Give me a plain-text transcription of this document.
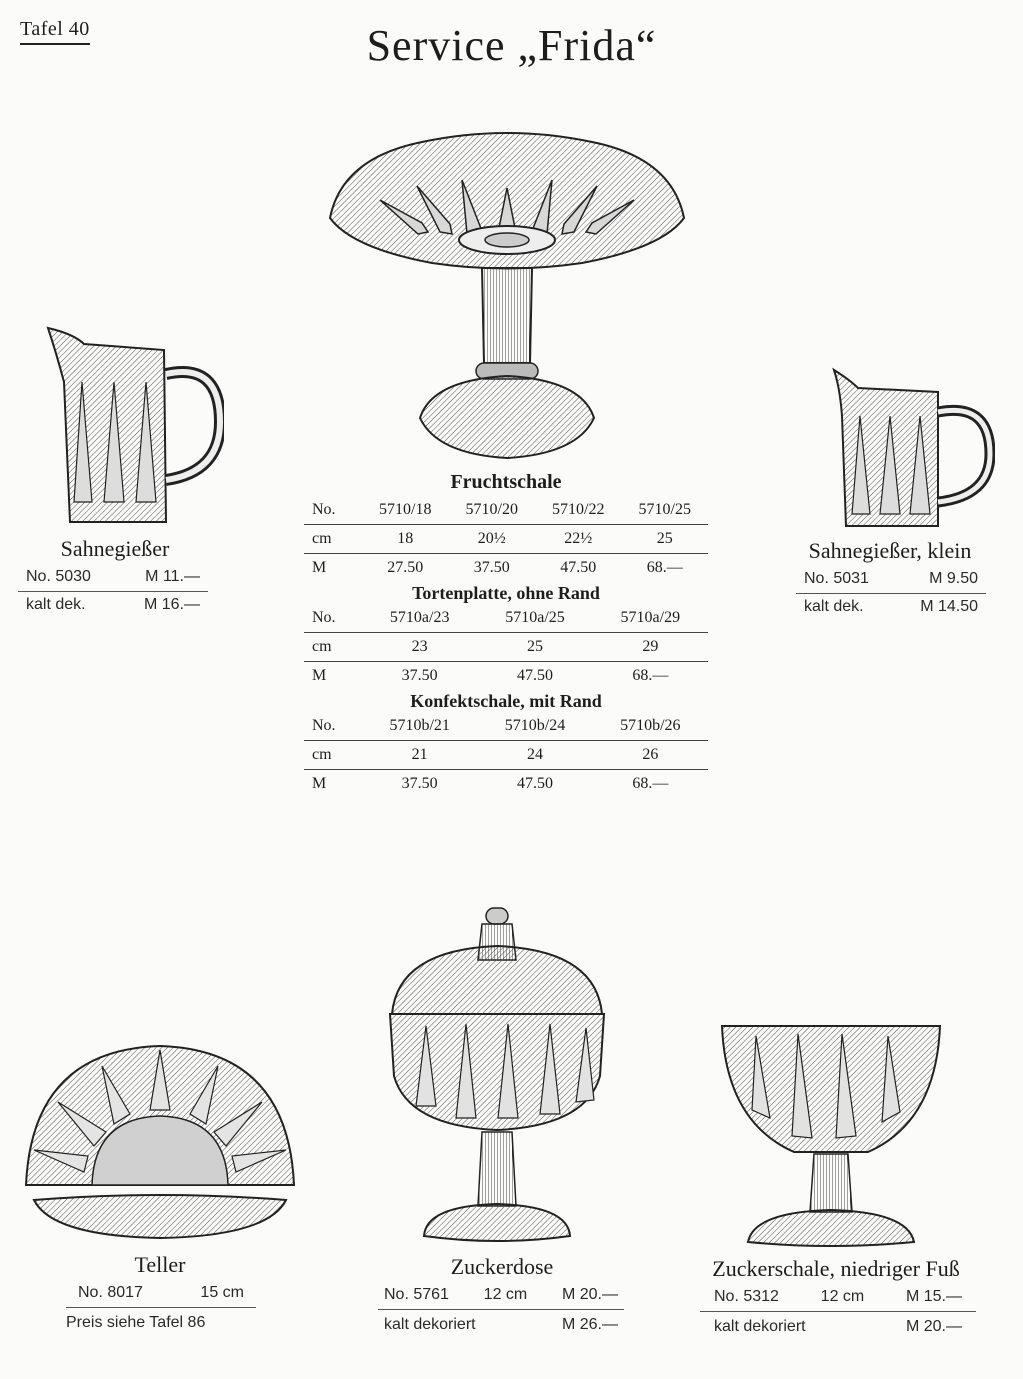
Tafel 40	Service „Frida“
Fruchtschale
No.	5710/18	5710/20	5710/22	5710/25
cm	18	20½	22½	25
M	27.50	37.50	47.50	68.—
Tortenplatte, ohne Rand
No.	5710a/23	5710a/25	5710a/29
cm	23	25	29
M	37.50	47.50	68.—
Konfektschale, mit Rand
No.	5710b/21	5710b/24	5710b/26
cm	21	24	26
M	37.50	47.50	68.—
Sahnegießer
No. 5030	M 11.—
kalt dek.	M 16.—
Sahnegießer, klein
No. 5031	M 9.50
kalt dek.	M 14.50
Teller
No. 8017	15 cm
Preis siehe Tafel 86
Zuckerdose
No. 5761 12 cm M 20.—
kalt dekoriert	M 26.—
Zuckerschale, niedriger Fuß
No. 5312	12 cm	M 15.—
kalt dekoriert	M 20.—
